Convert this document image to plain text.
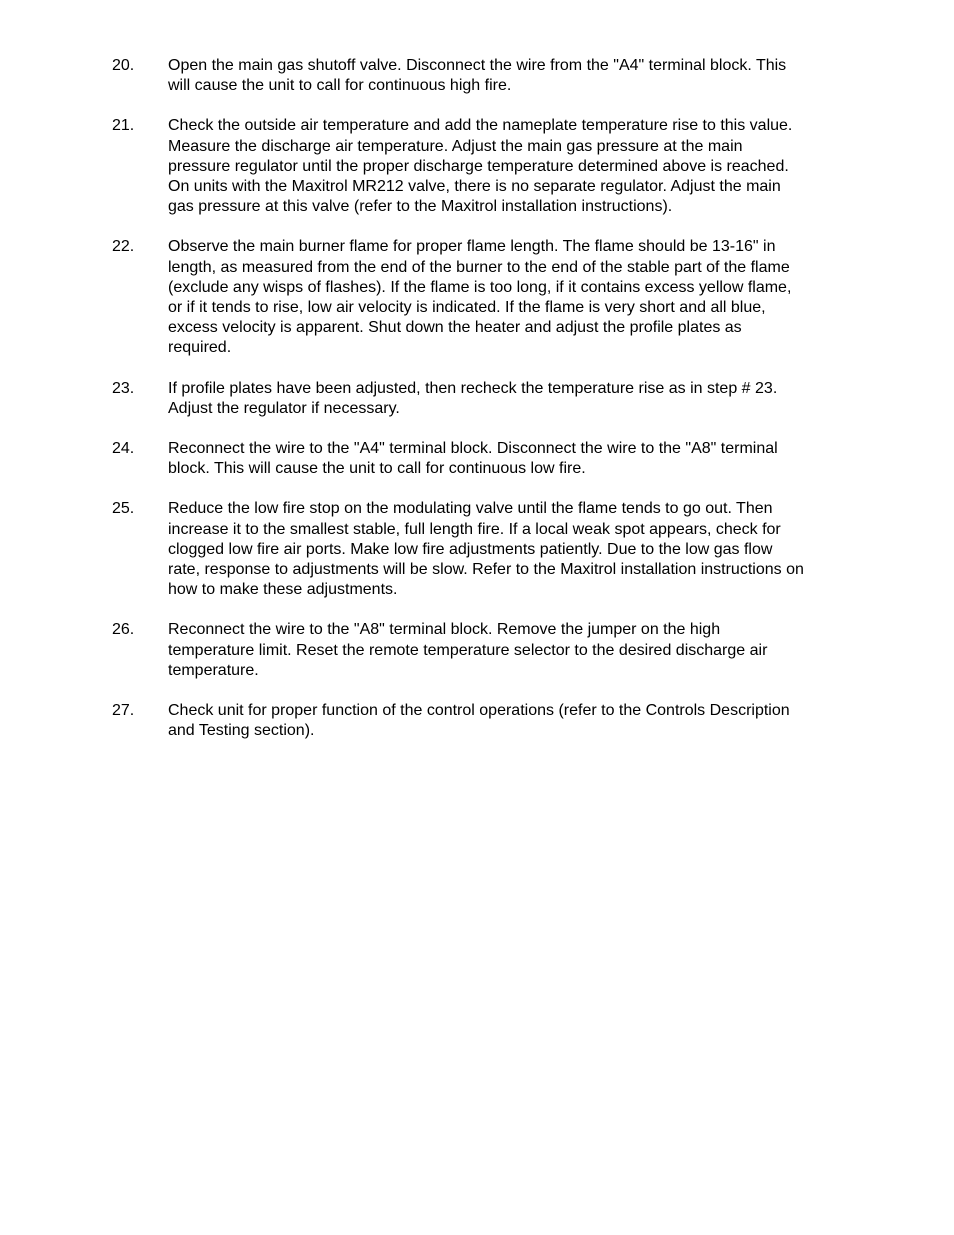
20.	Open the main gas shutoff valve. Disconnect the wire from the "A4" terminal block. This
will cause the unit to call for continuous high fire.
21.	Check the outside air temperature and add the nameplate temperature rise to this value.
Measure the discharge air temperature. Adjust the main gas pressure at the main
pressure regulator until the proper discharge temperature determined above is reached.
On units with the Maxitrol MR212 valve, there is no separate regulator. Adjust the main
gas pressure at this valve (refer to the Maxitrol installation instructions).
22.	Observe the main burner flame for proper flame length. The flame should be 13-16" in
length, as measured from the end of the burner to the end of the stable part of the flame
(exclude any wisps of flashes). If the flame is too long, if it contains excess yellow flame,
or if it tends to rise, low air velocity is indicated. If the flame is very short and all blue,
excess velocity is apparent. Shut down the heater and adjust the profile plates as
required.
23.	If profile plates have been adjusted, then recheck the temperature rise as in step # 23.
Adjust the regulator if necessary.
24.	Reconnect the wire to the "A4" terminal block. Disconnect the wire to the "A8" terminal
block. This will cause the unit to call for continuous low fire.
25.	Reduce the low fire stop on the modulating valve until the flame tends to go out. Then
increase it to the smallest stable, full length fire. If a local weak spot appears, check for
clogged low fire air ports. Make low fire adjustments patiently. Due to the low gas flow
rate, response to adjustments will be slow. Refer to the Maxitrol installation instructions on
how to make these adjustments.
26.	Reconnect the wire to the "A8" terminal block. Remove the jumper on the high
temperature limit. Reset the remote temperature selector to the desired discharge air
temperature.
27.	Check unit for proper function of the control operations (refer to the Controls Description
and Testing section).
